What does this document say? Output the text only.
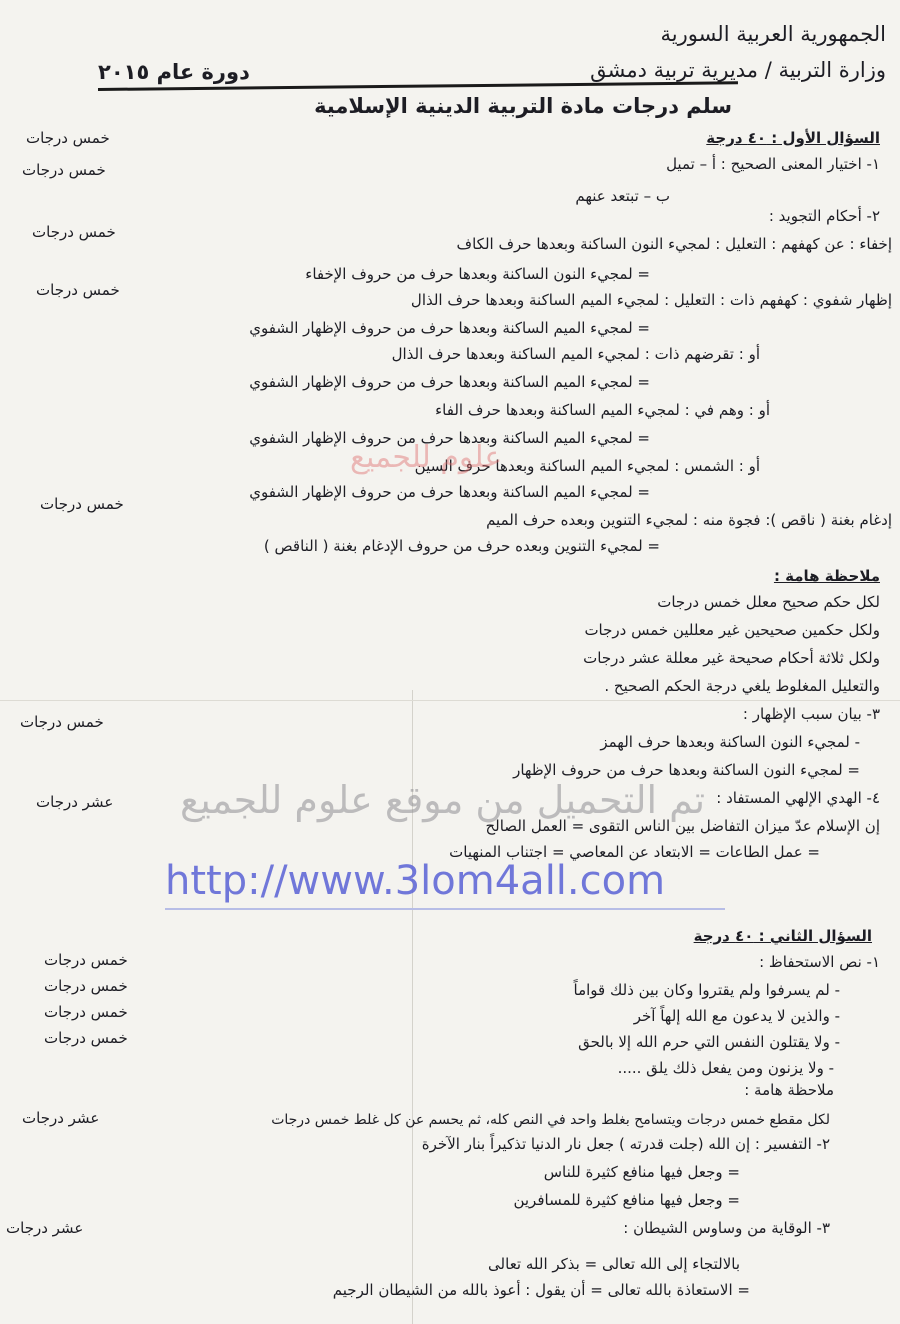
الجمهورية العربية السورية
وزارة التربية / مديرية تربية دمشق
دورة عام ٢٠١٥
سلم درجات مادة التربية الدينية الإسلامية
السؤال الأول : ٤٠ درجة
١- اختيار المعنى الصحيح : أ – تميل
ب – تبتعد عنهم
٢- أحكام التجويد :
إخفاء : عن كهفهم : التعليل : لمجيء النون الساكنة وبعدها حرف الكاف
= لمجيء النون الساكنة وبعدها حرف من حروف الإخفاء
إظهار شفوي : كهفهم ذات : التعليل : لمجيء الميم الساكنة وبعدها حرف الذال
= لمجيء الميم الساكنة وبعدها حرف من حروف الإظهار الشفوي
أو : تقرضهم ذات : لمجيء الميم الساكنة وبعدها حرف الذال
= لمجيء الميم الساكنة وبعدها حرف من حروف الإظهار الشفوي
أو : وهم في : لمجيء الميم الساكنة وبعدها حرف الفاء
= لمجيء الميم الساكنة وبعدها حرف من حروف الإظهار الشفوي
أو : الشمس : لمجيء الميم الساكنة وبعدها حرف السين
= لمجيء الميم الساكنة وبعدها حرف من حروف الإظهار الشفوي
إدغام بغنة ( ناقص ): فجوة منه : لمجيء التنوين وبعده حرف الميم
= لمجيء التنوين وبعده حرف من حروف الإدغام بغنة ( الناقص )
ملاحظة هامة :
لكل حكم صحيح معلل خمس درجات
ولكل حكمين صحيحين غير معللين خمس درجات
ولكل ثلاثة أحكام صحيحة غير معللة عشر درجات
والتعليل المغلوط يلغي درجة الحكم الصحيح .
٣- بيان سبب الإظهار :
- لمجيء النون الساكنة وبعدها حرف الهمز
= لمجيء النون الساكنة وبعدها حرف من حروف الإظهار
٤- الهدي الإلهي المستفاد :
إن الإسلام عدّ ميزان التفاضل بين الناس التقوى = العمل الصالح
= عمل الطاعات = الابتعاد عن المعاصي = اجتناب المنهيات
السؤال الثاني : ٤٠ درجة
١- نص الاستحفاظ :
- لم يسرفوا ولم يقتروا وكان بين ذلك قواماً
- والذين لا يدعون مع الله إلهاً آخر
- ولا يقتلون النفس التي حرم الله إلا بالحق
- ولا يزنون ومن يفعل ذلك يلق .....
ملاحظة هامة :
لكل مقطع خمس درجات ويتسامح بغلط واحد في النص كله، ثم يحسم عن كل غلط خمس درجات
٢- التفسير : إن الله (جلت قدرته ) جعل نار الدنيا تذكيراً بنار الآخرة
= وجعل فيها منافع كثيرة للناس
= وجعل فيها منافع كثيرة للمسافرين
٣- الوقاية من وساوس الشيطان :
بالالتجاء إلى الله تعالى = بذكر الله تعالى
= الاستعاذة بالله تعالى = أن يقول : أعوذ بالله من الشيطان الرجيم
خمس درجات
خمس درجات
خمس درجات
خمس درجات
خمس درجات
خمس درجات
عشر درجات
خمس درجات
خمس درجات
خمس درجات
خمس درجات
عشر درجات
عشر درجات
علوم للجميع
تم التحميل من موقع علوم للجميع
http://www.3lom4all.com
